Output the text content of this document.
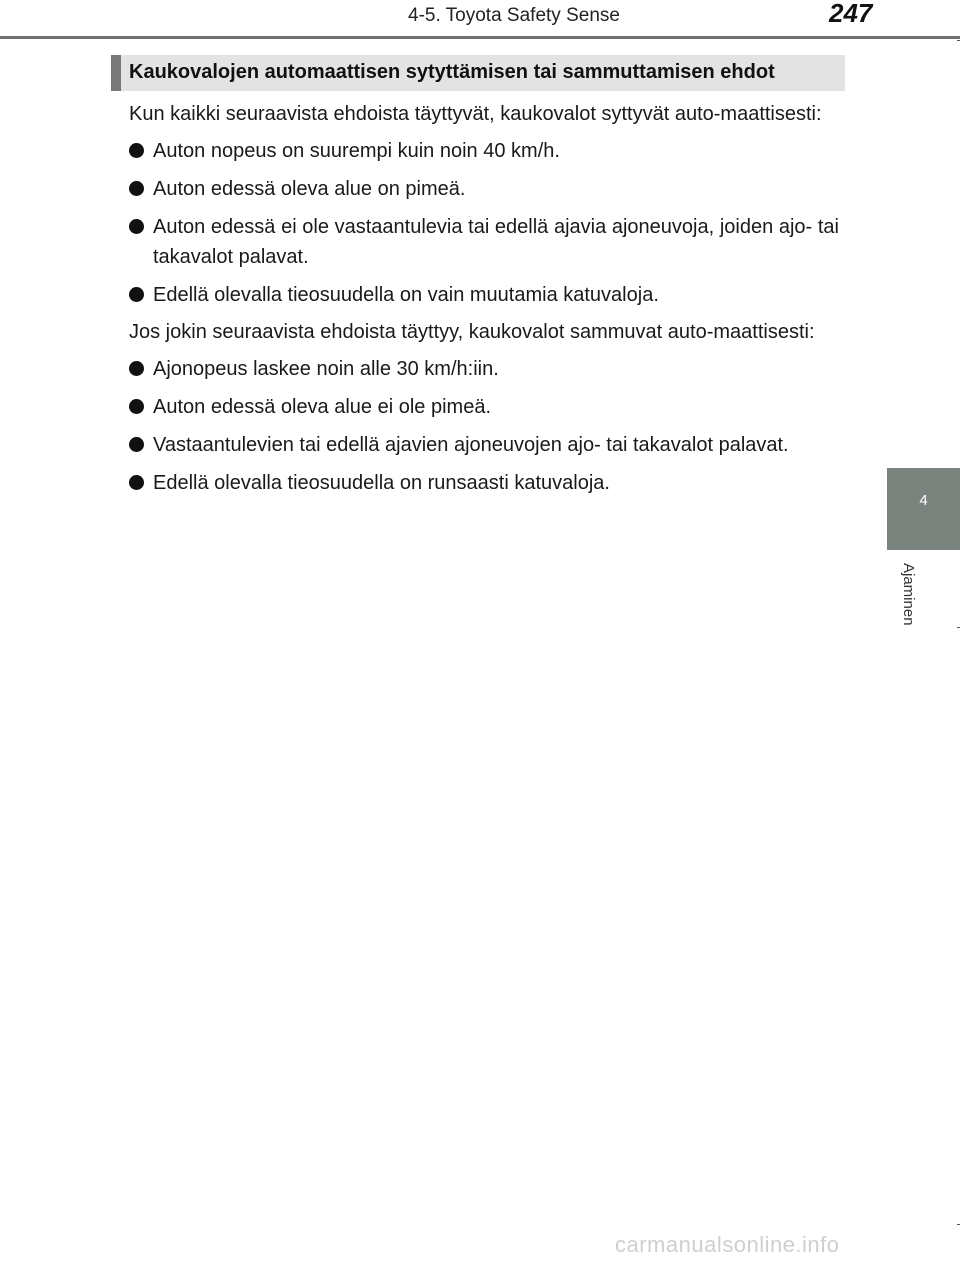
4-5. Toyota Safety Sense	247
4
Ajaminen
Kaukovalojen automaattisen sytyttämisen tai sammuttamisen ehdot

Kun kaikki seuraavista ehdoista täyttyvät, kaukovalot syttyvät auto-maattisesti:

Auton nopeus on suurempi kuin noin 40 km/h.
Auton edessä oleva alue on pimeä.
Auton edessä ei ole vastaantulevia tai edellä ajavia ajoneuvoja, joiden ajo- tai takavalot palavat.
Edellä olevalla tieosuudella on vain muutamia katuvaloja.

Jos jokin seuraavista ehdoista täyttyy, kaukovalot sammuvat auto-maattisesti:

Ajonopeus laskee noin alle 30 km/h:iin.
Auton edessä oleva alue ei ole pimeä.
Vastaantulevien tai edellä ajavien ajoneuvojen ajo- tai takavalot palavat.
Edellä olevalla tieosuudella on runsaasti katuvaloja.
carmanualsonline.info
